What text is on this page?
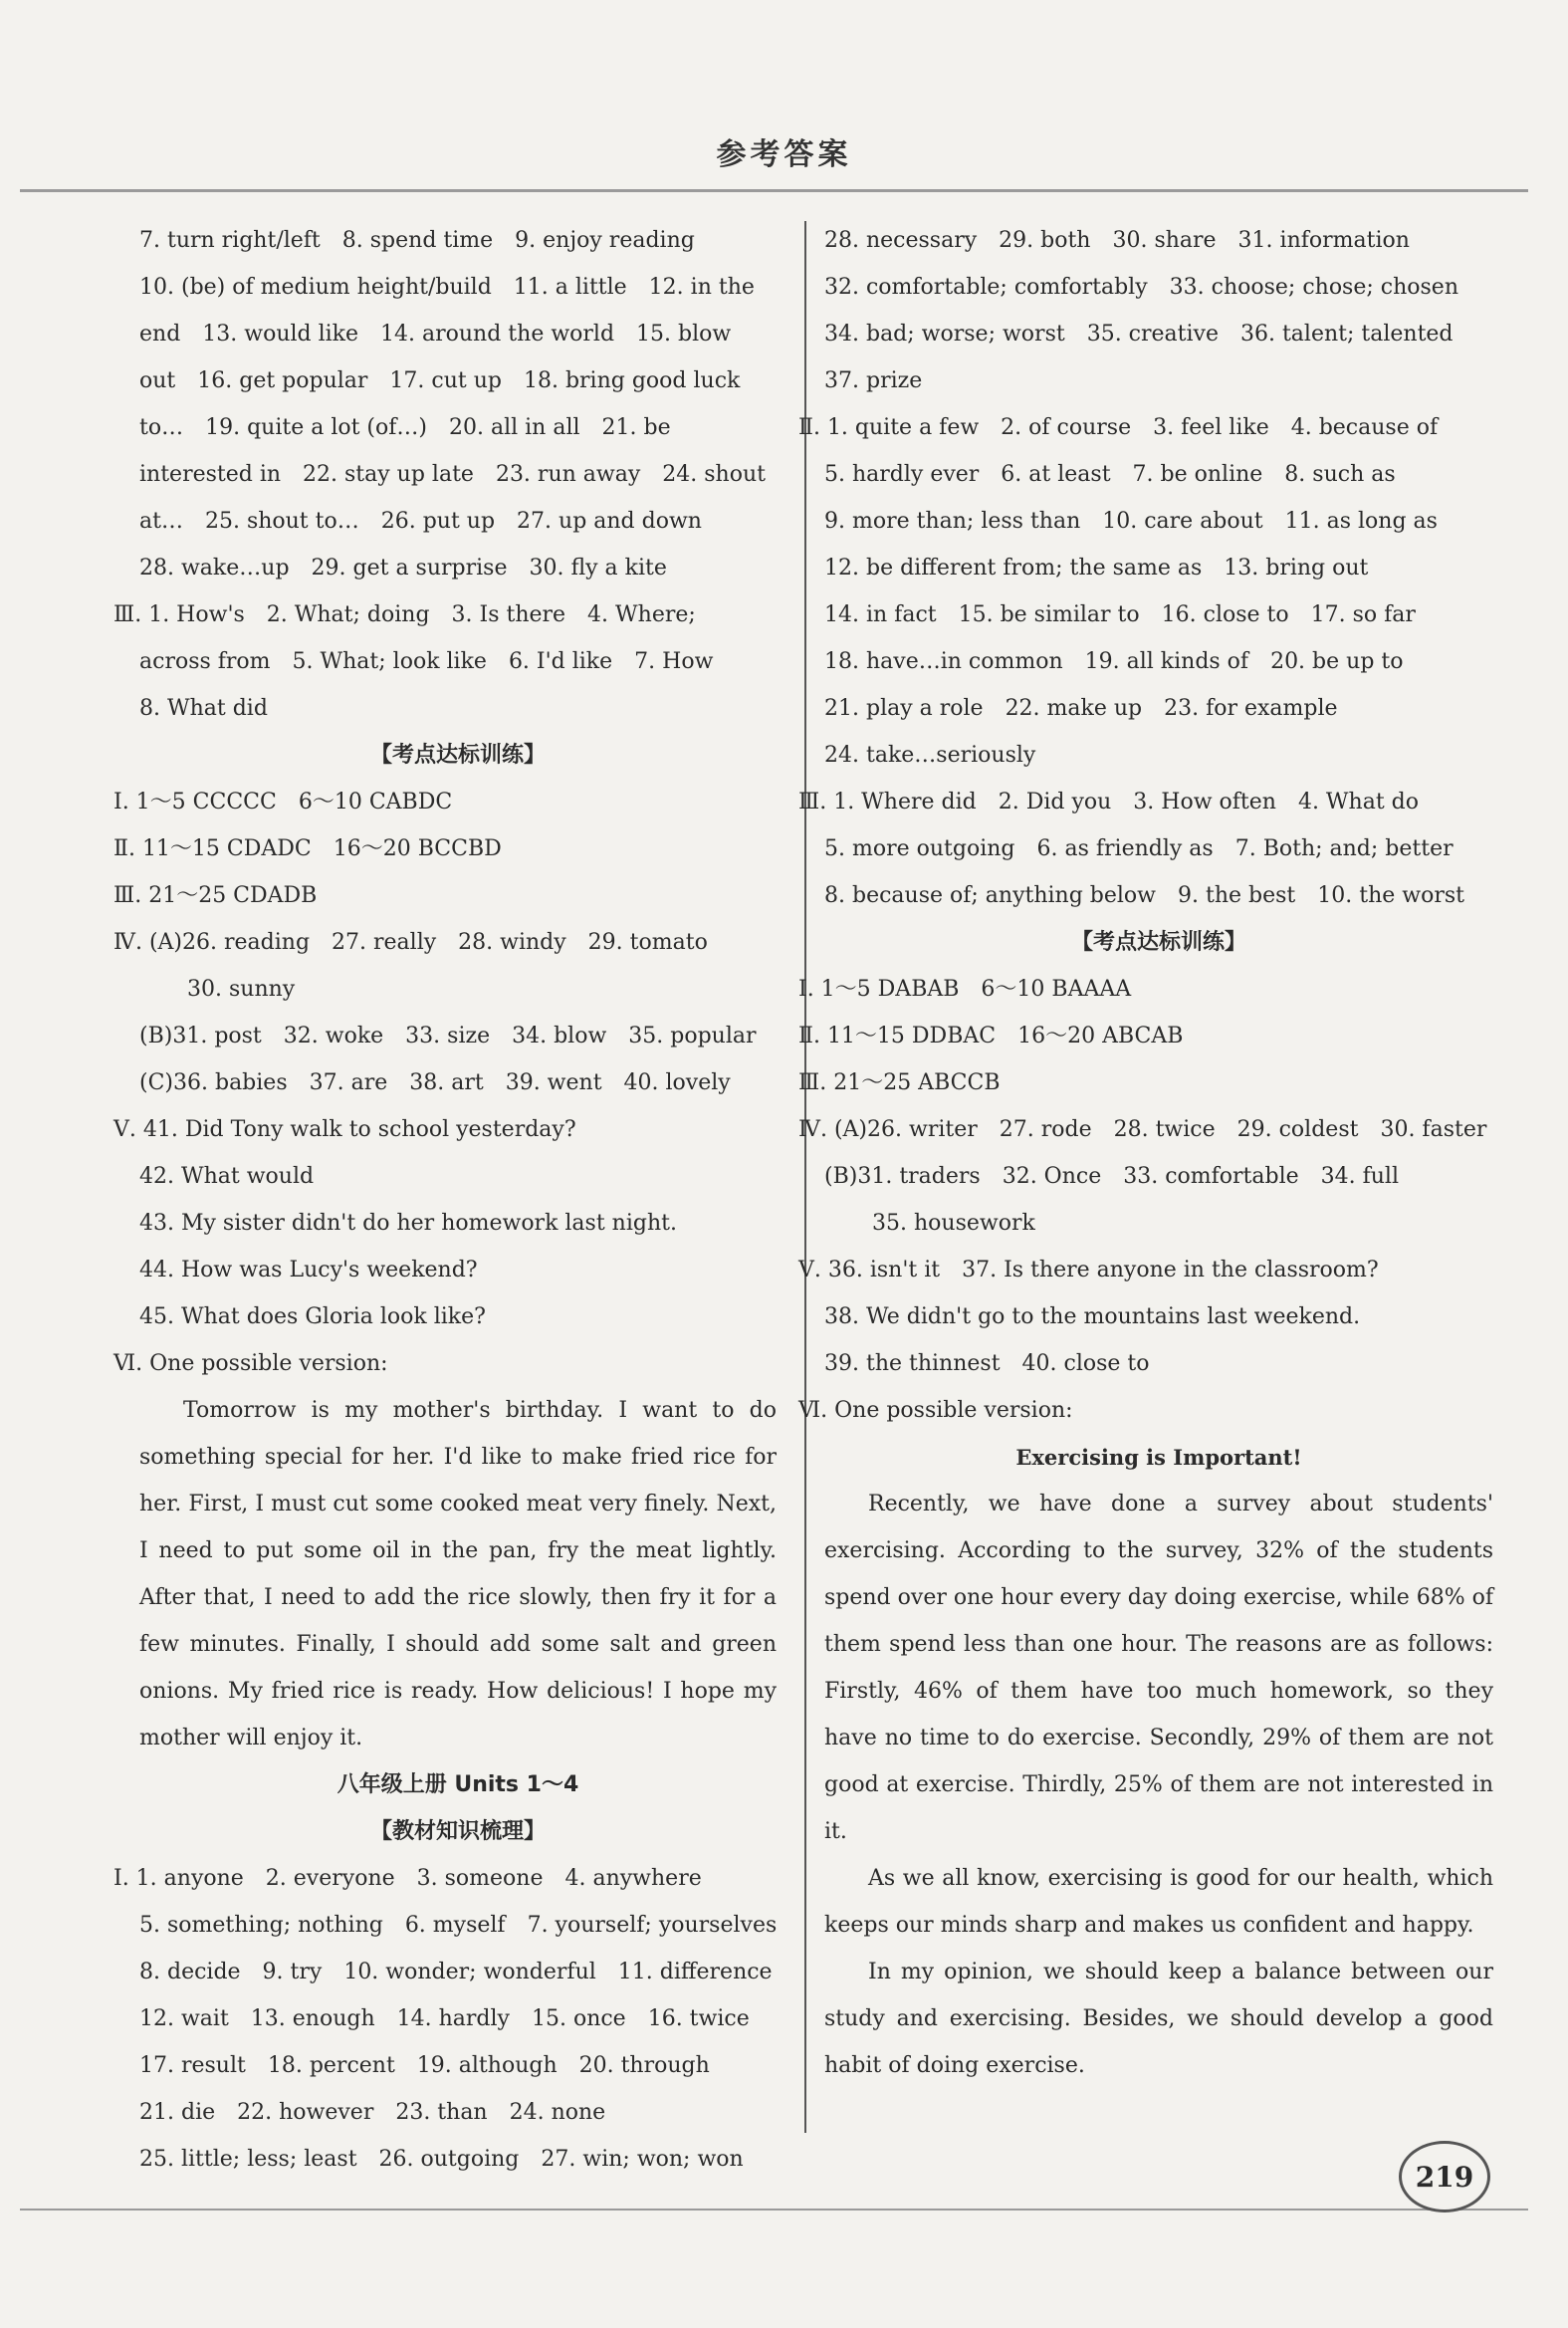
参考答案
7. turn right/left　8. spend time　9. enjoy reading
10. (be) of medium height/build　11. a little　12. in the
end　13. would like　14. around the world　15. blow
out　16. get popular　17. cut up　18. bring good luck
to…　19. quite a lot (of…)　20. all in all　21. be
interested in　22. stay up late　23. run away　24. shout
at…　25. shout to…　26. put up　27. up and down
28. wake…up　29. get a surprise　30. fly a kite
Ⅲ. 1. How's　2. What; doing　3. Is there　4. Where;
across from　5. What; look like　6. I'd like　7. How
8. What did
【考点达标训练】
Ⅰ. 1～5 CCCCC　6～10 CABDC
Ⅱ. 11～15 CDADC　16～20 BCCBD
Ⅲ. 21～25 CDADB
Ⅳ. (A)26. reading　27. really　28. windy　29. tomato
30. sunny
(B)31. post　32. woke　33. size　34. blow　35. popular
(C)36. babies　37. are　38. art　39. went　40. lovely
Ⅴ. 41. Did Tony walk to school yesterday?
42. What would
43. My sister didn't do her homework last night.
44. How was Lucy's weekend?
45. What does Gloria look like?
Ⅵ. One possible version:
Tomorrow is my mother's birthday. I want to do something special for her. I'd like to make fried rice for her. First, I must cut some cooked meat very finely. Next, I need to put some oil in the pan, fry the meat lightly. After that, I need to add the rice slowly, then fry it for a few minutes. Finally, I should add some salt and green onions. My fried rice is ready. How delicious! I hope my mother will enjoy it.
八年级上册 Units 1～4
【教材知识梳理】
Ⅰ. 1. anyone　2. everyone　3. someone　4. anywhere
5. something; nothing　6. myself　7. yourself; yourselves
8. decide　9. try　10. wonder; wonderful　11. difference
12. wait　13. enough　14. hardly　15. once　16. twice
17. result　18. percent　19. although　20. through
21. die　22. however　23. than　24. none
25. little; less; least　26. outgoing　27. win; won; won
28. necessary　29. both　30. share　31. information
32. comfortable; comfortably　33. choose; chose; chosen
34. bad; worse; worst　35. creative　36. talent; talented
37. prize
Ⅱ. 1. quite a few　2. of course　3. feel like　4. because of
5. hardly ever　6. at least　7. be online　8. such as
9. more than; less than　10. care about　11. as long as
12. be different from; the same as　13. bring out
14. in fact　15. be similar to　16. close to　17. so far
18. have…in common　19. all kinds of　20. be up to
21. play a role　22. make up　23. for example
24. take…seriously
Ⅲ. 1. Where did　2. Did you　3. How often　4. What do
5. more outgoing　6. as friendly as　7. Both; and; better
8. because of; anything below　9. the best　10. the worst
【考点达标训练】
Ⅰ. 1～5 DABAB　6～10 BAAAA
Ⅱ. 11～15 DDBAC　16～20 ABCAB
Ⅲ. 21～25 ABCCB
Ⅳ. (A)26. writer　27. rode　28. twice　29. coldest　30. faster
(B)31. traders　32. Once　33. comfortable　34. full
35. housework
Ⅴ. 36. isn't it　37. Is there anyone in the classroom?
38. We didn't go to the mountains last weekend.
39. the thinnest　40. close to
Ⅵ. One possible version:
Exercising is Important!
Recently, we have done a survey about students' exercising. According to the survey, 32% of the students spend over one hour every day doing exercise, while 68% of them spend less than one hour. The reasons are as follows: Firstly, 46% of them have too much homework, so they have no time to do exercise. Secondly, 29% of them are not good at exercise. Thirdly, 25% of them are not interested in it.
As we all know, exercising is good for our health, which keeps our minds sharp and makes us confident and happy.
In my opinion, we should keep a balance between our study and exercising. Besides, we should develop a good habit of doing exercise.
219
